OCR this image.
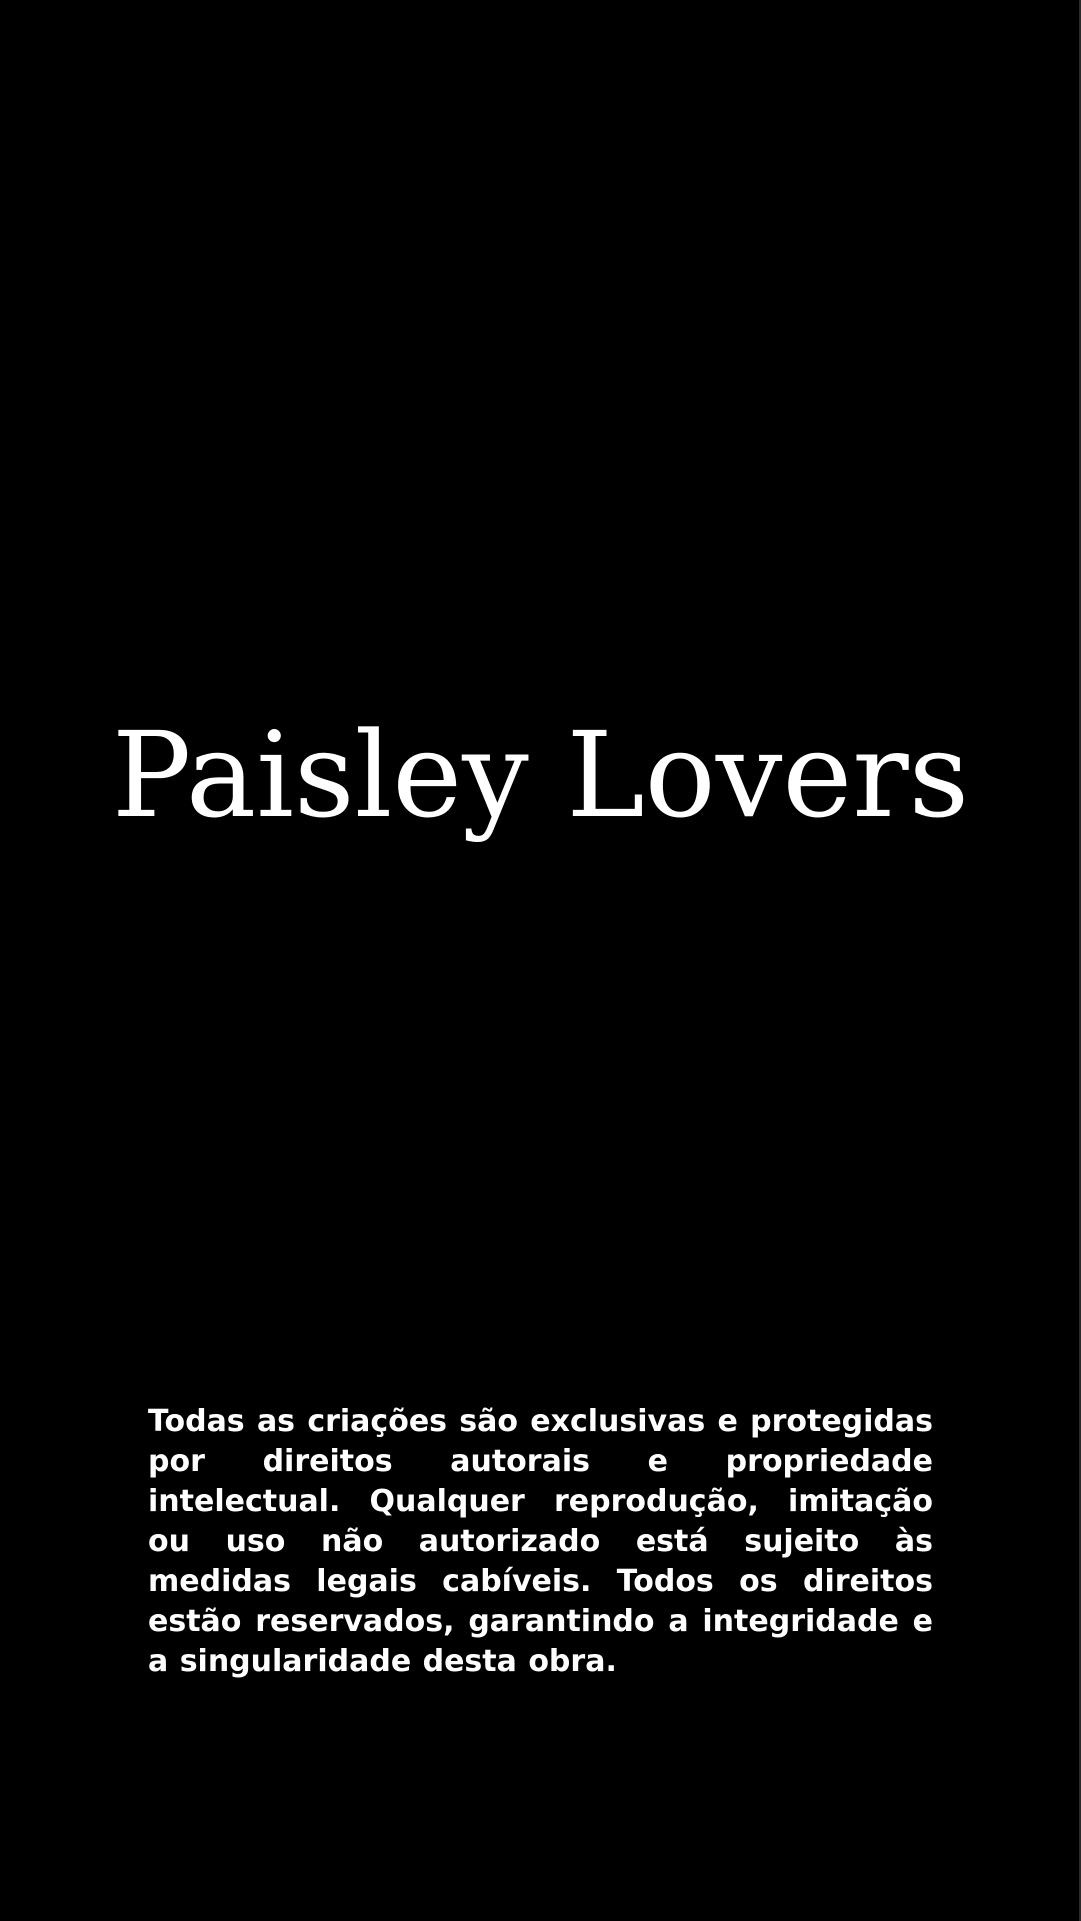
Paisley Lovers

Todas as criações são exclusivas e protegidas por direitos autorais e propriedade intelectual. Qualquer reprodução, imitação ou uso não autorizado está sujeito às medidas legais cabíveis. Todos os direitos estão reservados, garantindo a integridade e a singularidade desta obra.
